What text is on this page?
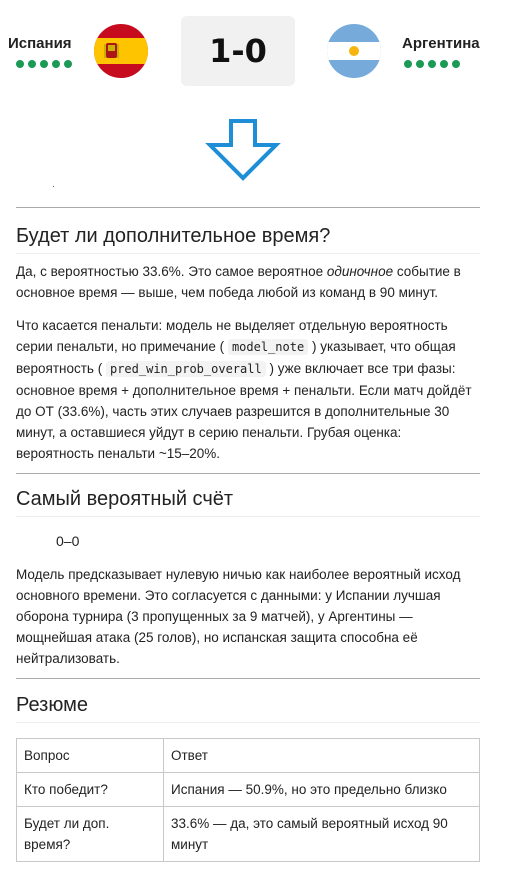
Испания	1-0	Аргентина
.
Будет ли дополнительное время?

Да, с вероятностью 33.6%. Это самое вероятное одиночное событие в основное время — выше, чем победа любой из команд в 90 минут.

Что касается пенальти: модель не выделяет отдельную вероятность серии пенальти, но примечание ( model_note ) указывает, что общая вероятность ( pred_win_prob_overall ) уже включает все три фазы: основное время + дополнительное время + пенальти. Если матч дойдёт до ОТ (33.6%), часть этих случаев разрешится в дополнительные 30 минут, а оставшиеся уйдут в серию пенальти. Грубая оценка: вероятность пенальти ~15–20%.

Самый вероятный счёт
0–0

Модель предсказывает нулевую ничью как наиболее вероятный исход основного времени. Это согласуется с данными: у Испании лучшая оборона турнира (3 пропущенных за 9 матчей), у Аргентины — мощнейшая атака (25 голов), но испанская защита способна её нейтрализовать.

Резюме
Вопрос	Ответ
Кто победит?	Испания — 50.9%, но это предельно близко
Будет ли доп. время?	33.6% — да, это самый вероятный исход 90 минут
